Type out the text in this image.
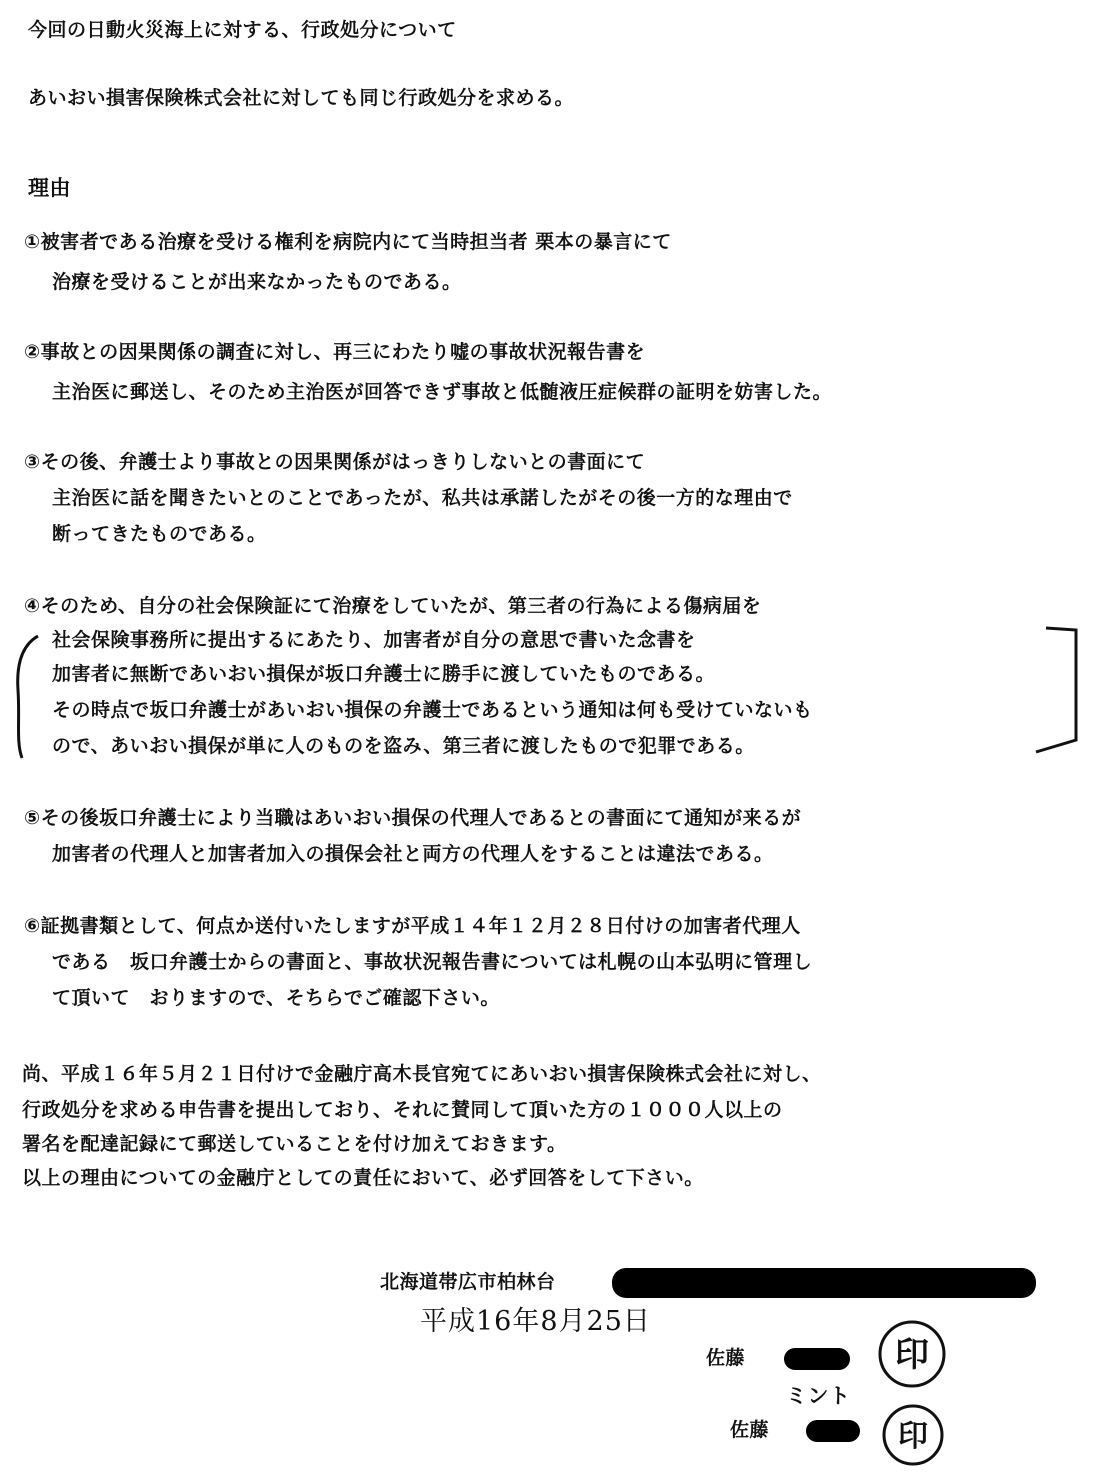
今回の日動火災海上に対する、行政処分について
あいおい損害保険株式会社に対しても同じ行政処分を求める。
理由
①被害者である治療を受ける権利を病院内にて当時担当者 栗本の暴言にて
治療を受けることが出来なかったものである。
②事故との因果関係の調査に対し、再三にわたり嘘の事故状況報告書を
主治医に郵送し、そのため主治医が回答できず事故と低髄液圧症候群の証明を妨害した。
③その後、弁護士より事故との因果関係がはっきりしないとの書面にて
主治医に話を聞きたいとのことであったが、私共は承諾したがその後一方的な理由で
断ってきたものである。
④そのため、自分の社会保険証にて治療をしていたが、第三者の行為による傷病届を
社会保険事務所に提出するにあたり、加害者が自分の意思で書いた念書を
加害者に無断であいおい損保が坂口弁護士に勝手に渡していたものである。
その時点で坂口弁護士があいおい損保の弁護士であるという通知は何も受けていないも
ので、あいおい損保が単に人のものを盗み、第三者に渡したもので犯罪である。
⑤その後坂口弁護士により当職はあいおい損保の代理人であるとの書面にて通知が来るが
加害者の代理人と加害者加入の損保会社と両方の代理人をすることは違法である。
⑥証拠書類として、何点か送付いたしますが平成１４年１２月２８日付けの加害者代理人
である　坂口弁護士からの書面と、事故状況報告書については札幌の山本弘明に管理し
て頂いて　おりますので、そちらでご確認下さい。
尚、平成１６年５月２１日付けで金融庁高木長官宛てにあいおい損害保険株式会社に対し、
行政処分を求める申告書を提出しており、それに賛同して頂いた方の１０００人以上の
署名を配達記録にて郵送していることを付け加えておきます。
以上の理由についての金融庁としての責任において、必ず回答をして下さい。
北海道帯広市柏林台
平成16年8月25日
佐藤
ミント
佐藤
印
印
